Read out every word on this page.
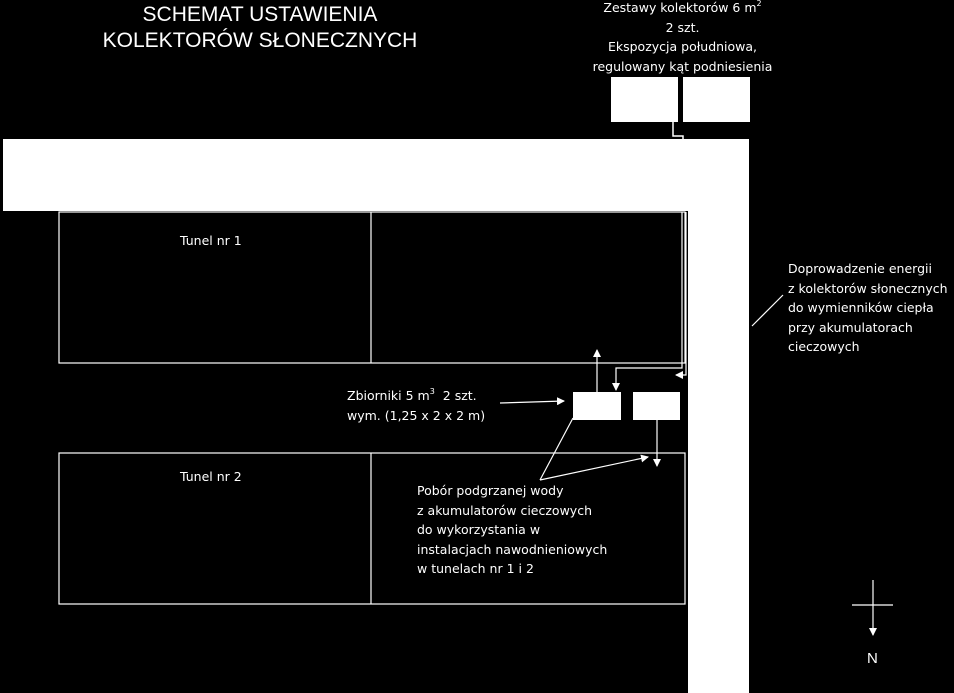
SCHEMAT USTAWIENIA
KOLEKTORÓW SŁONECZNYCH
Zestawy kolektorów 6 $m^2$
2 szt.
Ekspozycja południowa,
regulowany kąt podniesienia
Tunel nr 1
Tunel nr 2
Doprowadzenie energii
z kolektorów słonecznych
do wymienników ciepła
przy akumulatorach
cieczowych
Zbiorniki 5 $m^3$  2 szt.
wym. (1,25 x 2 x 2 m)
Pobór podgrzanej wody
z akumulatorów cieczowych
do wykorzystania w
instalacjach nawodnieniowych
w tunelach nr 1 i 2
N
